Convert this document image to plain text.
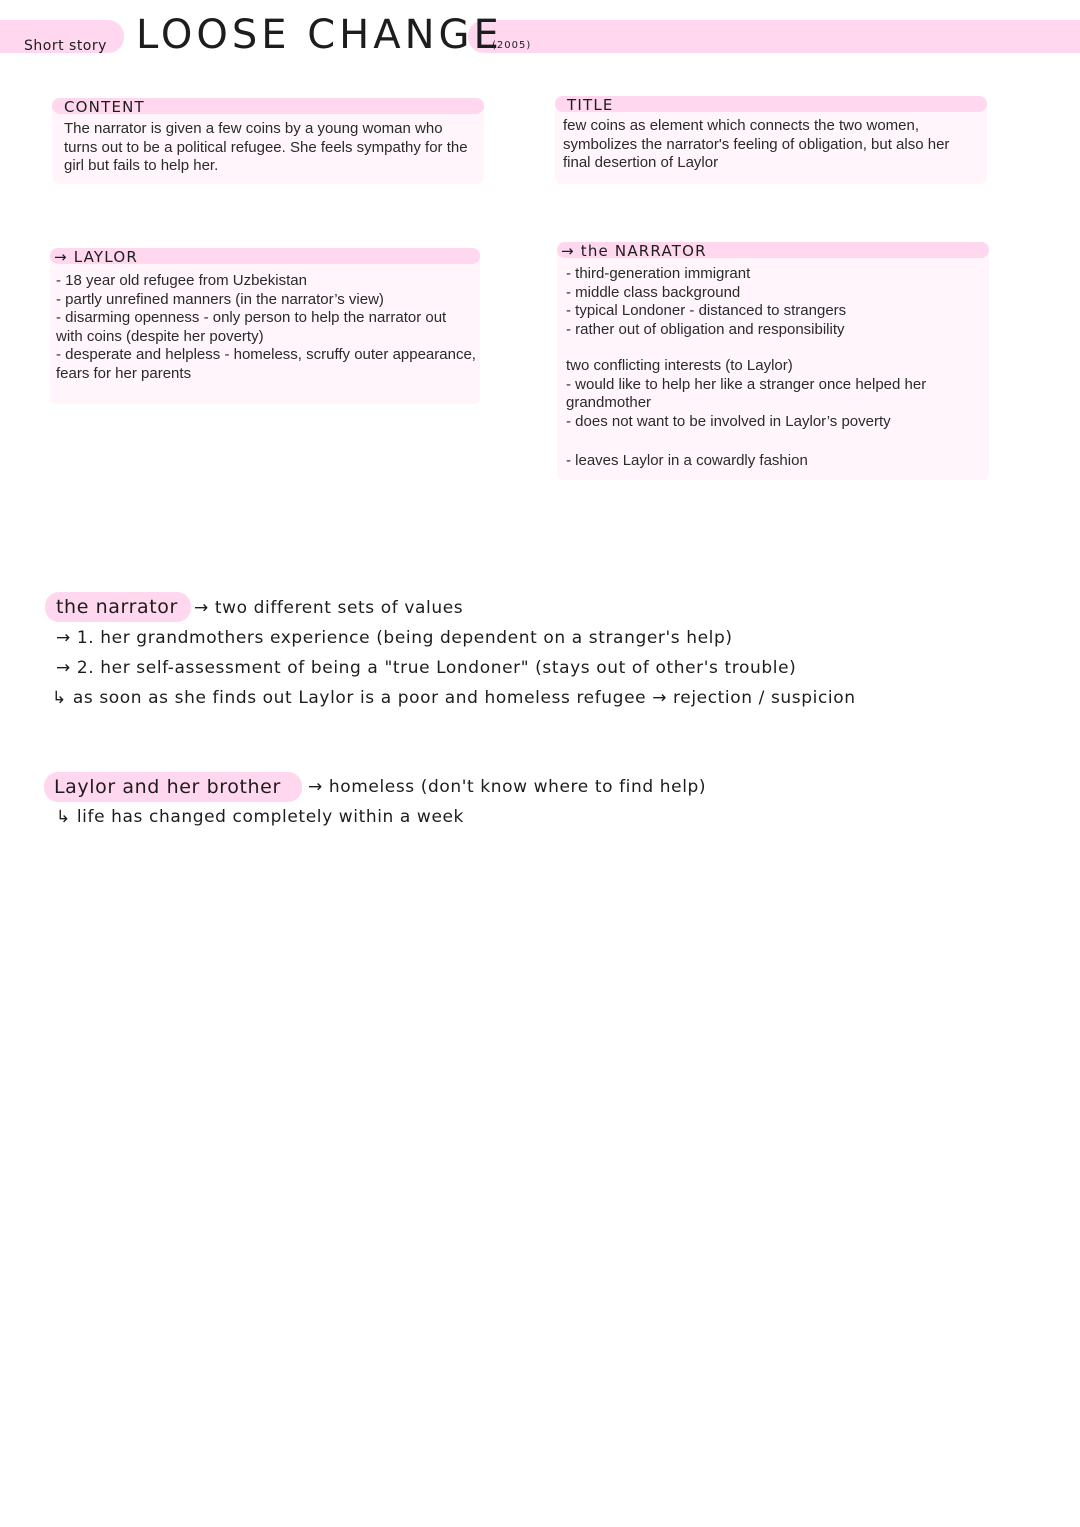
Short story LOOSE CHANGE
(2005)
CONTENT
The narrator is given a few coins by a young woman who turns out to be a political refugee. She feels sympathy for the girl but fails to help her.
TITLE
few coins as element which connects the two women, symbolizes the narrator's feeling of obligation, but also her final desertion of Laylor
→ LAYLOR

- 18 year old refugee from Uzbekistan

- partly unrefined manners (in the narrator’s view)

- disarming openness - only person to help the narrator out with coins (despite her poverty)

- desperate and helpless - homeless, scruffy outer appearance, fears for her parents

→ the NARRATOR

- third-generation immigrant

- middle class background

- typical Londoner - distanced to strangers

- rather out of obligation and responsibility

two conflicting interests (to Laylor)

- would like to help her like a stranger once helped her grandmother

- does not want to be involved in Laylor’s poverty

- leaves Laylor in a cowardly fashion

the narrator → two different sets of values
→ 1. her grandmothers experience (being dependent on a stranger's help)
→ 2. her self-assessment of being a "true Londoner" (stays out of other's trouble)
↳ as soon as she finds out Laylor is a poor and homeless refugee → rejection / suspicion
Laylor and her brother → homeless (don't know where to find help)
↳ life has changed completely within a week
